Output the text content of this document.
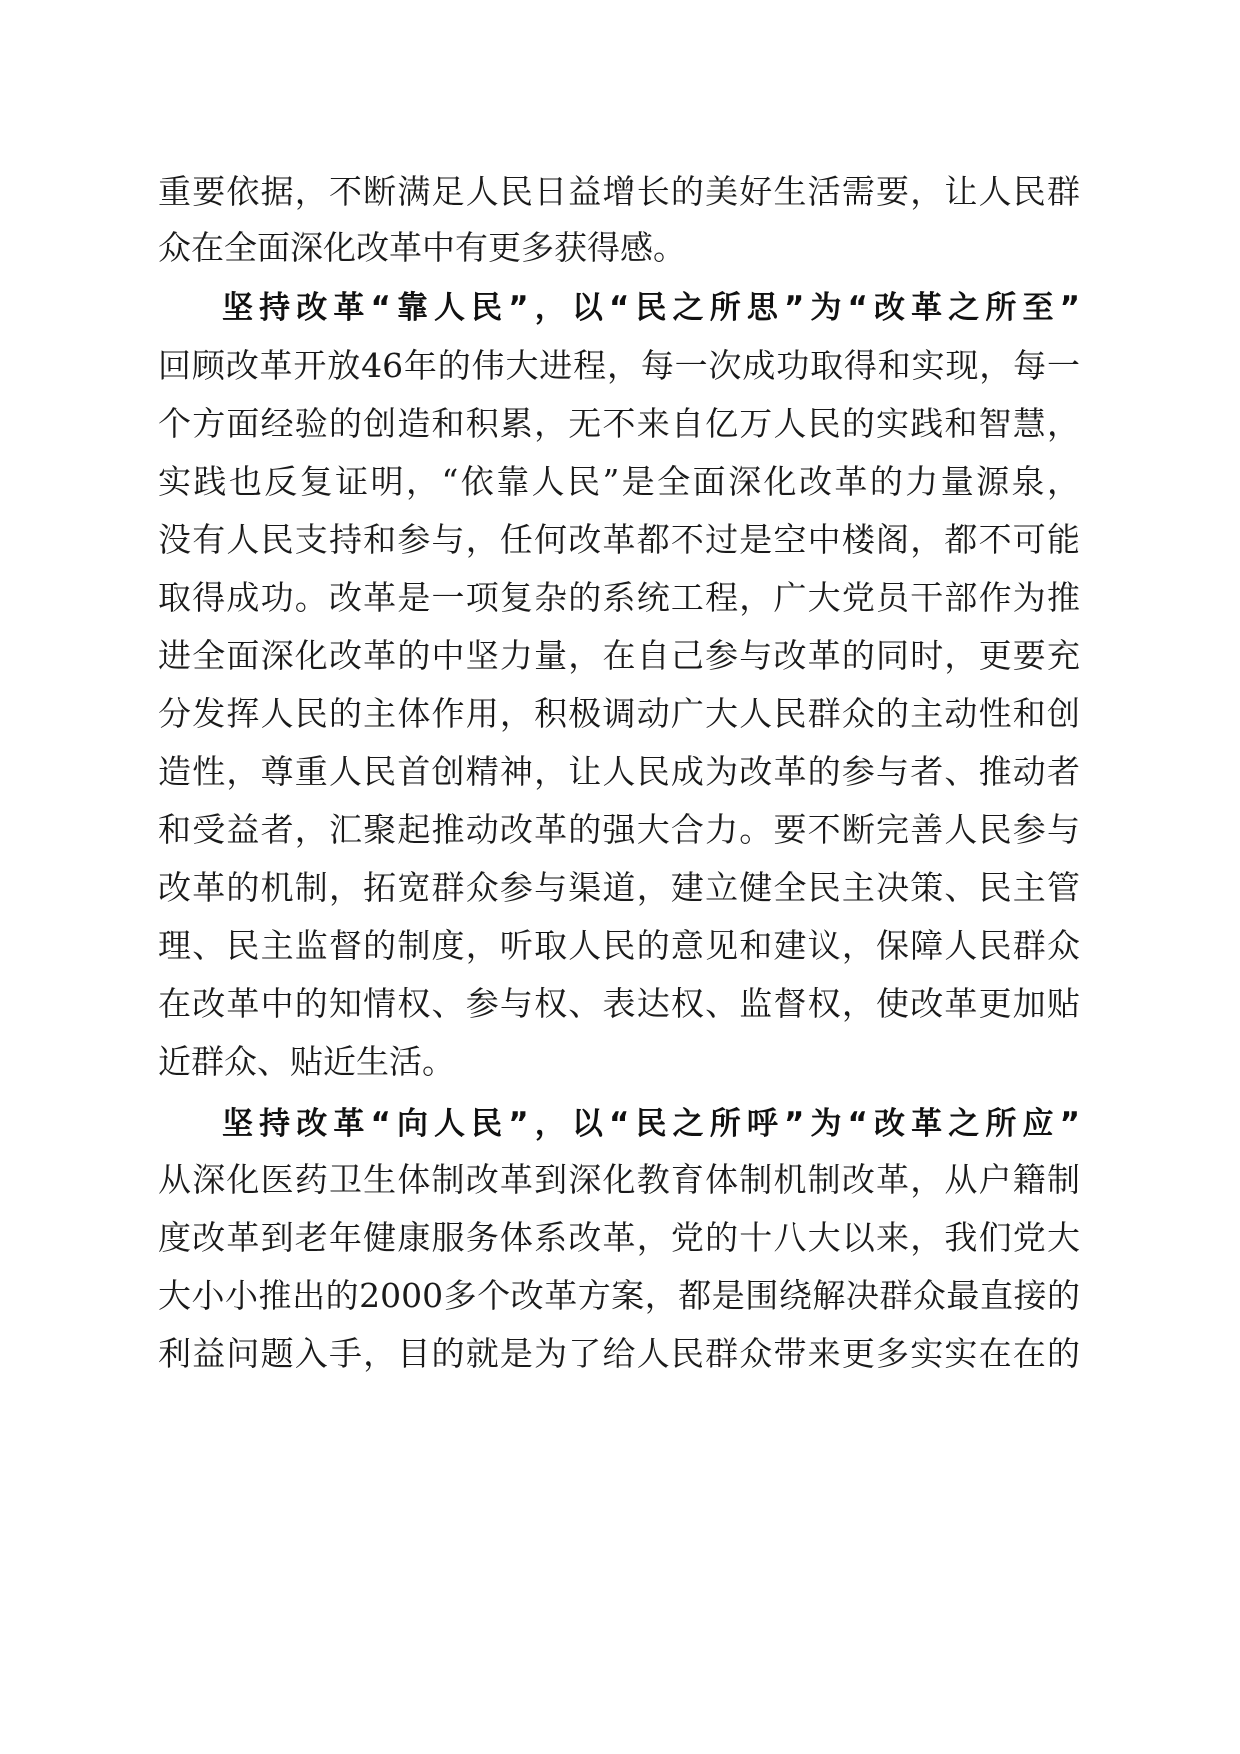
重要依据，不断满足人民日益增长的美好生活需要，让人民群
众在全面深化改革中有更多获得感。
坚持改革“靠人民”，以“民之所思”为“改革之所至”
回顾改革开放46年的伟大进程，每一次成功取得和实现，每一
个方面经验的创造和积累，无不来自亿万人民的实践和智慧，
实践也反复证明，“依靠人民”是全面深化改革的力量源泉，
没有人民支持和参与，任何改革都不过是空中楼阁，都不可能
取得成功。改革是一项复杂的系统工程，广大党员干部作为推
进全面深化改革的中坚力量，在自己参与改革的同时，更要充
分发挥人民的主体作用，积极调动广大人民群众的主动性和创
造性，尊重人民首创精神，让人民成为改革的参与者、推动者
和受益者，汇聚起推动改革的强大合力。要不断完善人民参与
改革的机制，拓宽群众参与渠道，建立健全民主决策、民主管
理、民主监督的制度，听取人民的意见和建议，保障人民群众
在改革中的知情权、参与权、表达权、监督权，使改革更加贴
近群众、贴近生活。
坚持改革“向人民”，以“民之所呼”为“改革之所应”
从深化医药卫生体制改革到深化教育体制机制改革，从户籍制
度改革到老年健康服务体系改革，党的十八大以来，我们党大
大小小推出的2000多个改革方案，都是围绕解决群众最直接的
利益问题入手，目的就是为了给人民群众带来更多实实在在的
